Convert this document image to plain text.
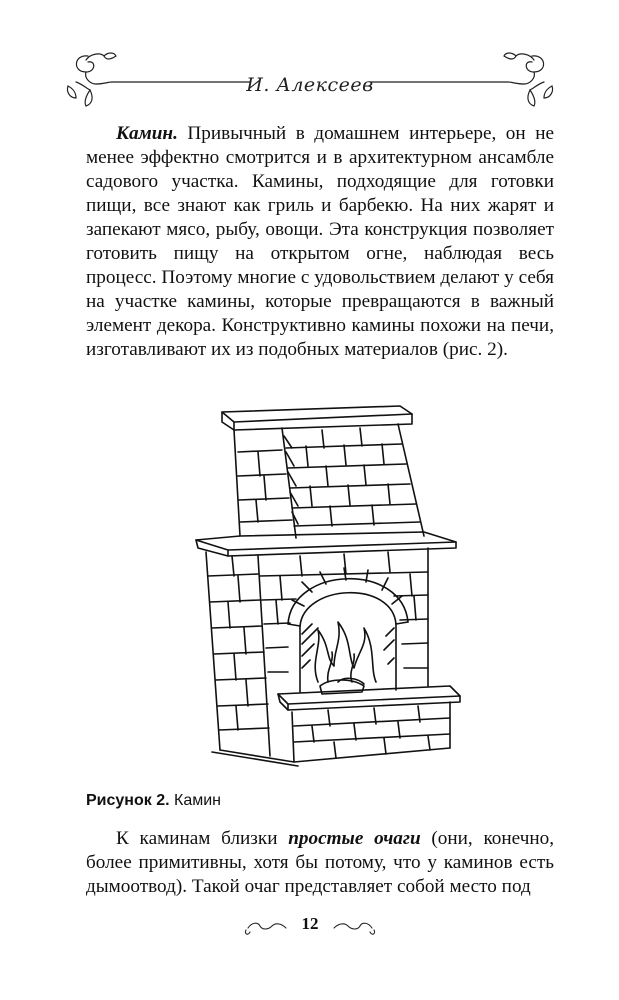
И. Алексеев
Камин. Привычный в домашнем интерьере, он не менее эффектно смотрится и в архитектурном ансамбле садового участка. Камины, подходящие для готовки пищи, все знают как гриль и барбекю. На них жарят и запекают мясо, рыбу, овощи. Эта конструкция позволяет готовить пищу на открытом огне, наблюдая весь процесс. Поэтому многие с удовольствием делают у себя на участке камины, которые превращаются в важный элемент декора. Конструктивно камины похожи на печи, изготавливают их из подобных материалов (рис. 2).
Рисунок 2. Камин
К каминам близки простые очаги (они, конечно, более примитивны, хотя бы потому, что у каминов есть дымоотвод). Такой очаг представляет собой место под
12
